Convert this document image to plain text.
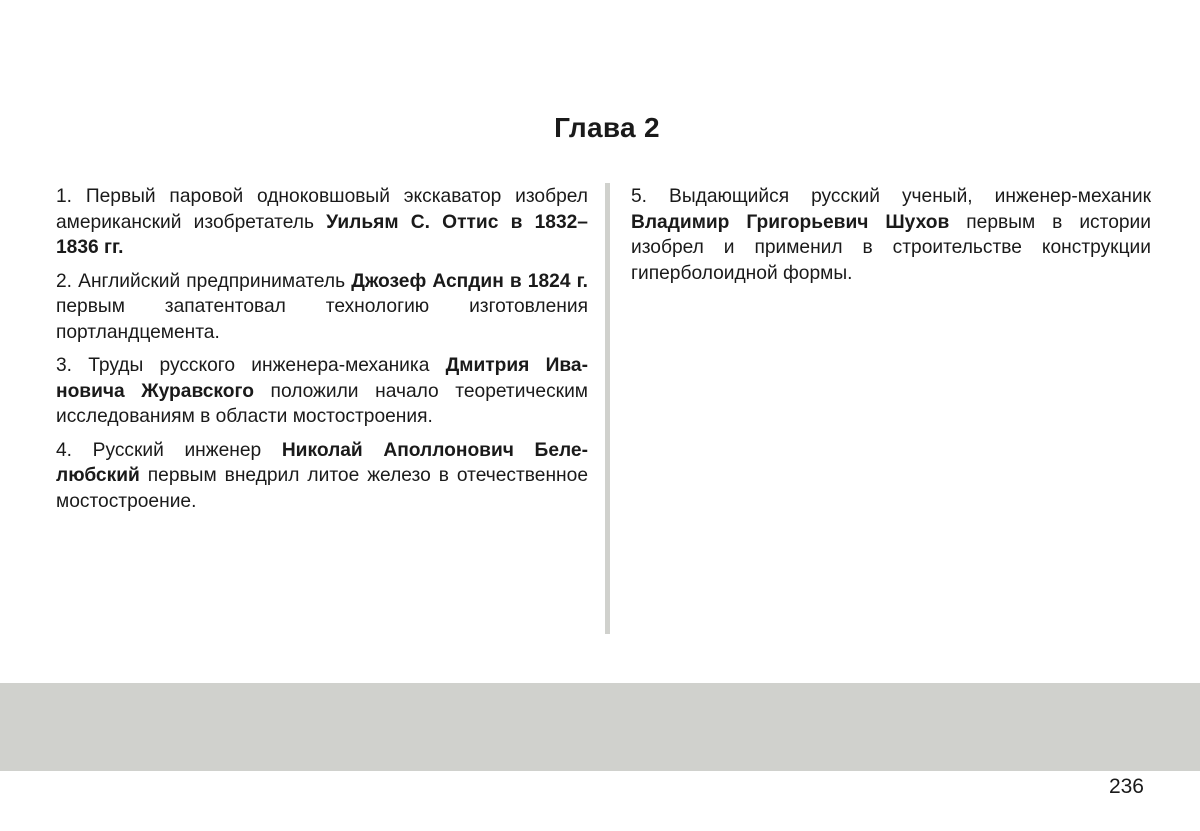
Глава 2

1. Первый паровой одноковшовый экскаватор изобрел американский изобретатель Уильям С. Оттис в 1832–1836 гг.

2. Английский предприниматель Джозеф Аспдин в 1824 г. первым запатентовал технологию изготовления портландцемента.

3. Труды русского инженера-механика Дмитрия Ивановича Журавского положили начало теоретическим исследованиям в области мостостроения.

4. Русский инженер Николай Аполлонович Белелюбский первым внедрил литое железо в отечественное мостостроение.

5. Выдающийся русский ученый, инженер-механик Владимир Григорьевич Шухов первым в истории изобрел и применил в строительстве конструкции гиперболоидной формы.

236
